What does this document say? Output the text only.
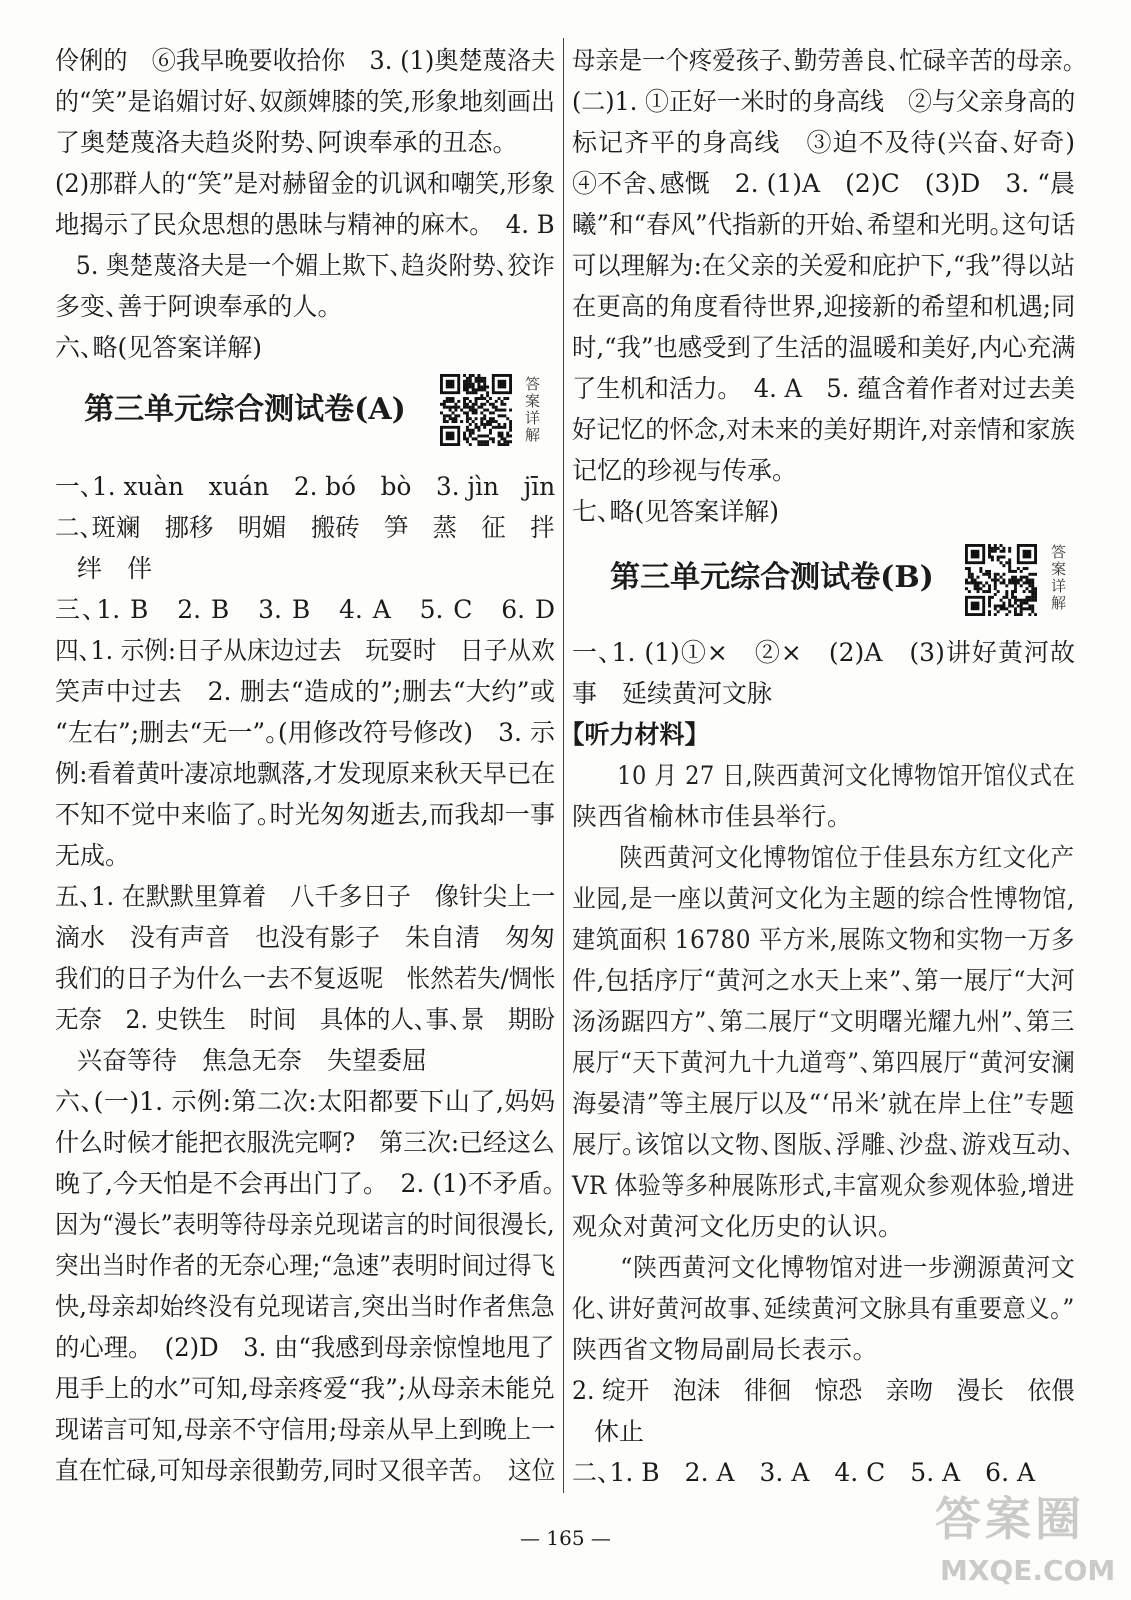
伶俐的　⑥我早晚要收拾你　3. (1)奥楚蔑洛夫
的“笑”是谄媚讨好、奴颜婢膝的笑,形象地刻画出
了奥楚蔑洛夫趋炎附势、阿谀奉承的丑态。
(2)那群人的“笑”是对赫留金的讥讽和嘲笑,形象
地揭示了民众思想的愚昧与精神的麻木。　4. B
5. 奥楚蔑洛夫是一个媚上欺下、趋炎附势、狡诈
多变、善于阿谀奉承的人。
六、略(见答案详解)
第三单元综合测试卷(A)	答案详解
一、1. xuàn　xuán　2. bó　bò　3. jìn　jīn
二、斑斓　挪移　明媚　搬砖　笋　蒸　征　拌
绊　伴
三、1. B　2. B　3. B　4. A　5. C　6. D
四、1. 示例:日子从床边过去　玩耍时　日子从欢
笑声中过去　2. 删去“造成的”;删去“大约”或
“左右”;删去“无一”。(用修改符号修改)　3. 示
例:看着黄叶凄凉地飘落,才发现原来秋天早已在
不知不觉中来临了。时光匆匆逝去,而我却一事
无成。
五、1. 在默默里算着　八千多日子　像针尖上一
滴水　没有声音　也没有影子　朱自清　匆匆
我们的日子为什么一去不复返呢　怅然若失/惆怅
无奈　2. 史铁生　时间　具体的人、事、景　期盼
兴奋等待　焦急无奈　失望委屈
六、(一)1. 示例:第二次:太阳都要下山了,妈妈
什么时候才能把衣服洗完啊?　第三次:已经这么
晚了,今天怕是不会再出门了。　2. (1)不矛盾。
因为“漫长”表明等待母亲兑现诺言的时间很漫长,
突出当时作者的无奈心理;“急速”表明时间过得飞
快,母亲却始终没有兑现诺言,突出当时作者焦急
的心理。　(2)D　3. 由“我感到母亲惊惶地甩了
甩手上的水”可知,母亲疼爱“我”;从母亲未能兑
现诺言可知,母亲不守信用;母亲从早上到晚上一
直在忙碌,可知母亲很勤劳,同时又很辛苦。　这位
母亲是一个疼爱孩子、勤劳善良、忙碌辛苦的母亲。
(二)1. ①正好一米时的身高线　②与父亲身高的
标记齐平的身高线　③迫不及待(兴奋、好奇)
④不舍、感慨　2. (1)A　(2)C　(3)D　3. “晨
曦”和“春风”代指新的开始、希望和光明。这句话
可以理解为:在父亲的关爱和庇护下,“我”得以站
在更高的角度看待世界,迎接新的希望和机遇;同
时,“我”也感受到了生活的温暖和美好,内心充满
了生机和活力。　4. A　5. 蕴含着作者对过去美
好记忆的怀念,对未来的美好期许,对亲情和家族
记忆的珍视与传承。
七、略(见答案详解)
第三单元综合测试卷(B)	答案详解
一、1. (1)①×　②×　(2)A　(3)讲好黄河故
事　延续黄河文脉
【听力材料】
10 月 27 日,陕西黄河文化博物馆开馆仪式在
陕西省榆林市佳县举行。
陕西黄河文化博物馆位于佳县东方红文化产
业园,是一座以黄河文化为主题的综合性博物馆,
建筑面积 16780 平方米,展陈文物和实物一万多
件,包括序厅“黄河之水天上来”、第一展厅“大河
汤汤踞四方”、第二展厅“文明曙光耀九州”、第三
展厅“天下黄河九十九道弯”、第四展厅“黄河安澜
海晏清”等主展厅以及“‘吊米’就在岸上住”专题
展厅。该馆以文物、图版、浮雕、沙盘、游戏互动、
VR 体验等多种展陈形式,丰富观众参观体验,增进
观众对黄河文化历史的认识。
“陕西黄河文化博物馆对进一步溯源黄河文
化、讲好黄河故事、延续黄河文脉具有重要意义。”
陕西省文物局副局长表示。
2. 绽开　泡沫　徘徊　惊恐　亲吻　漫长　依偎
休止
二、1. B　2. A　3. A　4. C　5. A　6. A
— 165 —	答案圈
MXQE.COM
